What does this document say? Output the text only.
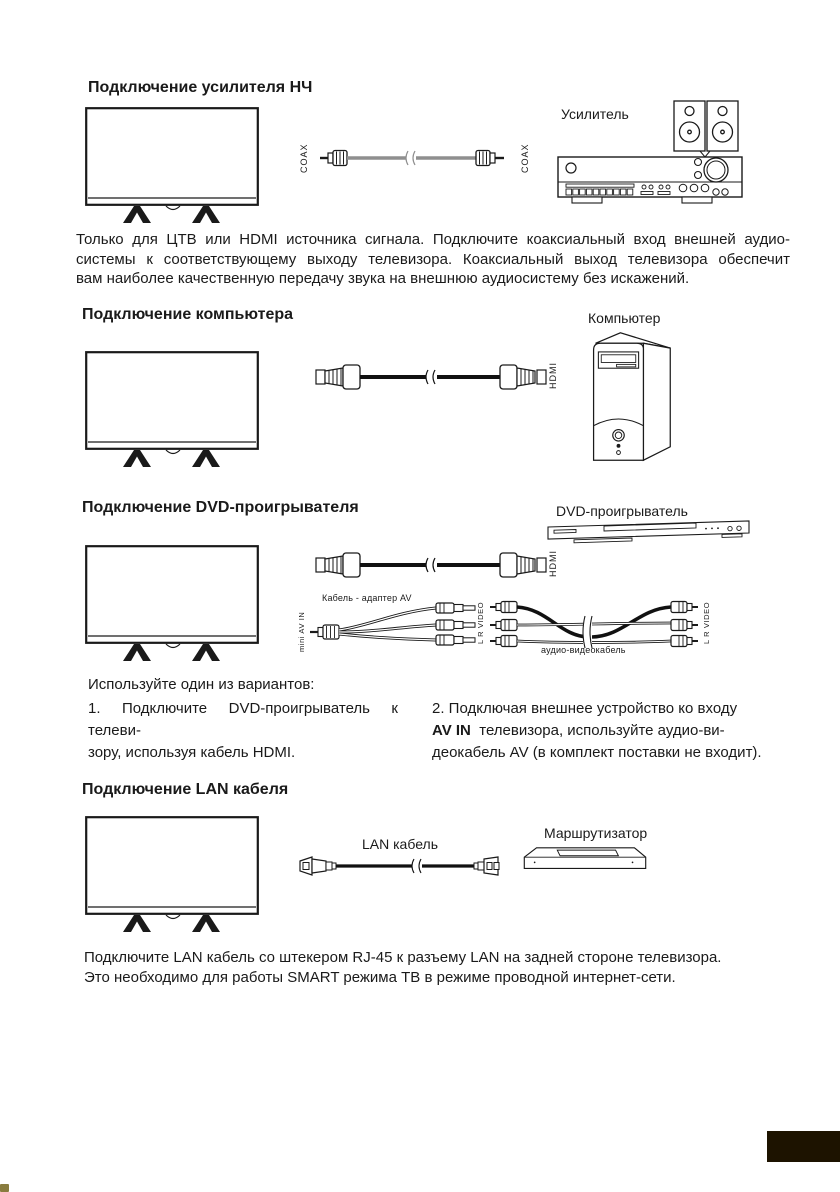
Подключение усилителя НЧ
COAX	COAX
Усилитель
Только для ЦТВ или HDMI источника сигнала. Подключите коаксиальный вход внешней аудио-
системы к соответствующему выходу телевизора. Коаксиальный выход телевизора обеспечит
вам наиболее качественную передачу звука на внешнюю аудиосистему без искажений.
Подключение компьютера	Компьютер
HDMI
Подключение DVD-проигрывателя	DVD-проигрыватель
HDMI
Кабель - адаптер AV
mini AV IN	L R VIDEO	L R VIDEO
аудио-видеокабель
Используйте один из вариантов:
1. Подключите DVD-проигрыватель к телеви-
зору, используя кабель HDMI.
2. Подключая внешнее устройство ко входу
AV IN  телевизора, используйте аудио-ви-
деокабель AV (в комплект поставки не входит).
Подключение LAN кабеля
LAN кабель
Маршрутизатор
Подключите LAN кабель со штекером RJ-45 к разъему LAN на задней стороне телевизора.
Это необходимо для работы SMART режима ТВ в режиме проводной интернет-сети.
